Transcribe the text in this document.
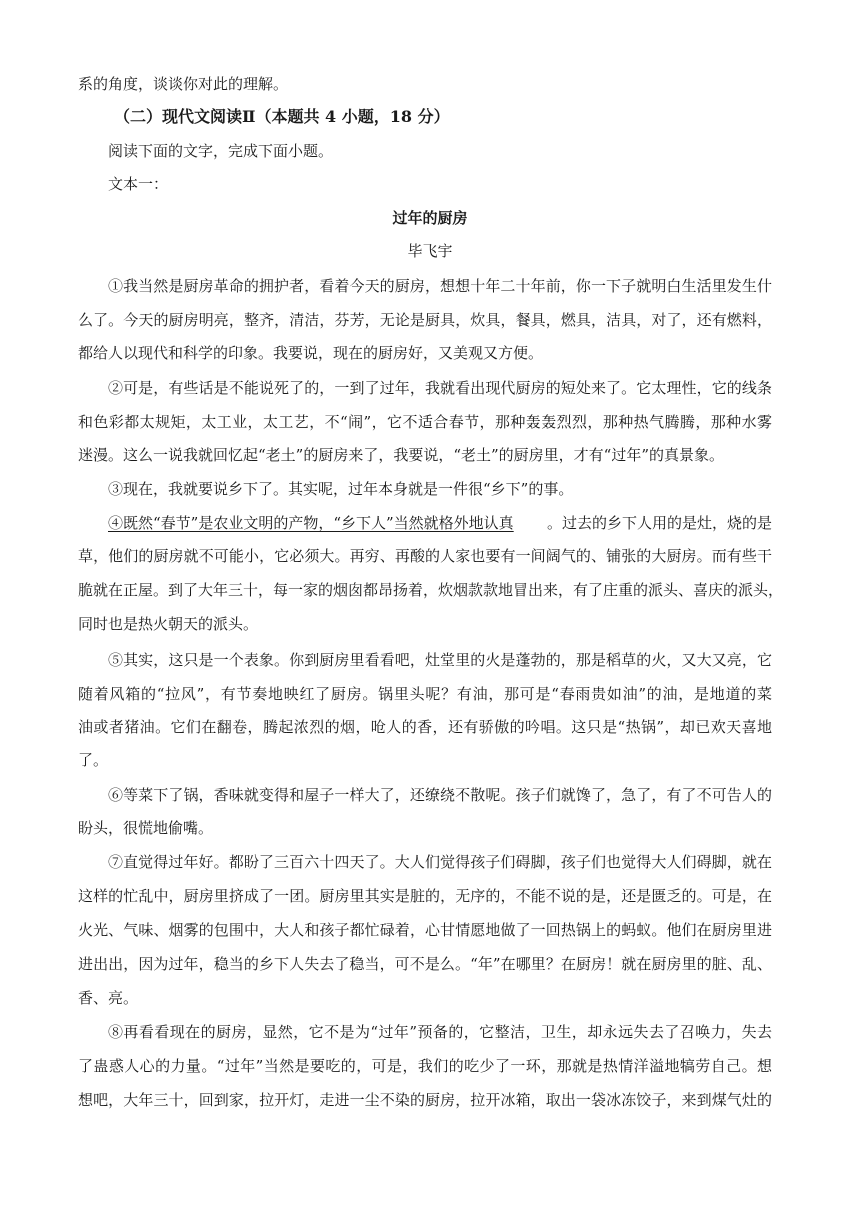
系的角度，谈谈你对此的理解。
（二）现代文阅读Ⅱ（本题共 4 小题，18 分）
阅读下面的文字，完成下面小题。
文本一：
过年的厨房
毕飞宇
①我当然是厨房革命的拥护者，看着今天的厨房，想想十年二十年前，你一下子就明白生活里发生什
么了。今天的厨房明亮，整齐，清洁，芬芳，无论是厨具，炊具，餐具，燃具，洁具，对了，还有燃料，
都给人以现代和科学的印象。我要说，现在的厨房好，又美观又方便。
②可是，有些话是不能说死了的，一到了过年，我就看出现代厨房的短处来了。它太理性，它的线条
和色彩都太规矩，太工业，太工艺，不“闹”，它不适合春节，那种轰轰烈烈，那种热气腾腾，那种水雾
迷漫。这么一说我就回忆起“老土”的厨房来了，我要说，“老土”的厨房里，才有“过年”的真景象。
③现在，我就要说乡下了。其实呢，过年本身就是一件很“乡下”的事。
④既然“春节”是农业文明的产物，“乡下人”当然就格外地认真 。过去的乡下人用的是灶，烧的是
草，他们的厨房就不可能小，它必须大。再穷、再酸的人家也要有一间阔气的、铺张的大厨房。而有些干
脆就在正屋。到了大年三十，每一家的烟囱都昂扬着，炊烟款款地冒出来，有了庄重的派头、喜庆的派头，
同时也是热火朝天的派头。
⑤其实，这只是一个表象。你到厨房里看看吧，灶堂里的火是蓬勃的，那是稻草的火，又大又亮，它
随着风箱的“拉风”，有节奏地映红了厨房。锅里头呢？有油，那可是“春雨贵如油”的油，是地道的菜
油或者猪油。它们在翻卷，腾起浓烈的烟，呛人的香，还有骄傲的吟唱。这只是“热锅”，却已欢天喜地
了。
⑥等菜下了锅，香味就变得和屋子一样大了，还缭绕不散呢。孩子们就馋了，急了，有了不可告人的
盼头，很慌地偷嘴。
⑦直觉得过年好。都盼了三百六十四天了。大人们觉得孩子们碍脚，孩子们也觉得大人们碍脚，就在
这样的忙乱中，厨房里挤成了一团。厨房里其实是脏的，无序的，不能不说的是，还是匮乏的。可是，在
火光、气味、烟雾的包围中，大人和孩子都忙碌着，心甘情愿地做了一回热锅上的蚂蚁。他们在厨房里进
进出出，因为过年，稳当的乡下人失去了稳当，可不是么。“年”在哪里？在厨房！就在厨房里的脏、乱、
香、亮。
⑧再看看现在的厨房，显然，它不是为“过年”预备的，它整洁，卫生，却永远失去了召唤力，失去
了蛊惑人心的力量。“过年”当然是要吃的，可是，我们的吃少了一环，那就是热情洋溢地犒劳自己。想
想吧，大年三十，回到家，拉开灯，走进一尘不染的厨房，拉开冰箱，取出一袋冰冻饺子，来到煤气灶的
